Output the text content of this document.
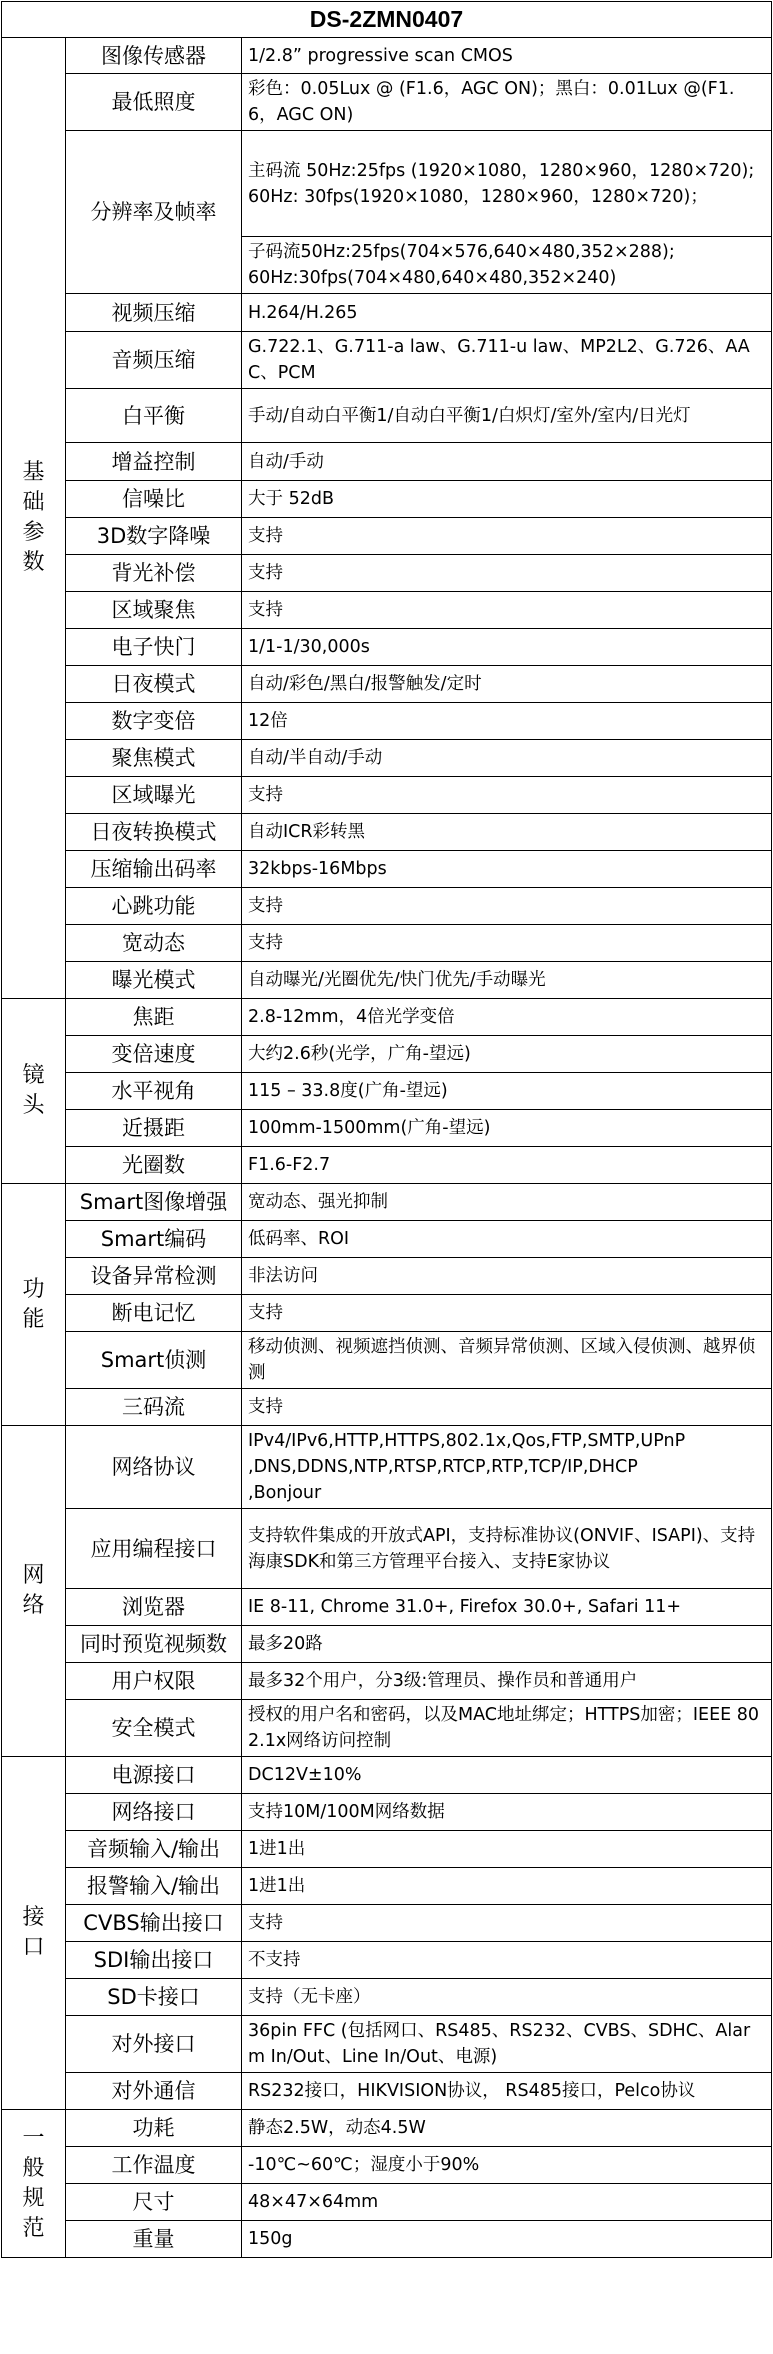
DS-2ZMN0407		
基础参数	图像传感器	1/2.8” progressive scan CMOS

	最低照度	彩色：0.05Lux @ (F1.6，AGC ON)；黑白：0.01Lux @(F1.6，AGC ON)

	分辨率及帧率	主码流 50Hz:25fps (1920×1080，1280×960，1280×720);60Hz: 30fps(1920×1080，1280×960，1280×720)；

		子码流50Hz:25fps(704×576,640×480,352×288);
60Hz:30fps(704×480,640×480,352×240)

	视频压缩	H.264/H.265

	音频压缩	G.722.1、G.711-a law、G.711-u law、MP2L2、G.726、AAC、PCM

	白平衡	手动/自动白平衡1/自动白平衡1/白炽灯/室外/室内/日光灯

	增益控制	自动/手动

	信噪比	大于 52dB

	3D数字降噪	支持

	背光补偿	支持

	区域聚焦	支持

	电子快门	1/1-1/30,000s

	日夜模式	自动/彩色/黑白/报警触发/定时

	数字变倍	12倍

	聚焦模式	自动/半自动/手动

	区域曝光	支持

	日夜转换模式	自动ICR彩转黑

	压缩输出码率	32kbps-16Mbps

	心跳功能	支持

	宽动态	支持

	曝光模式	自动曝光/光圈优先/快门优先/手动曝光

镜头	焦距	2.8-12mm，4倍光学变倍

	变倍速度	大约2.6秒(光学，广角-望远)

	水平视角	115 – 33.8度(广角-望远)

	近摄距	100mm-1500mm(广角-望远)

	光圈数	F1.6-F2.7

功能	Smart图像增强	宽动态、强光抑制

	Smart编码	低码率、ROI

	设备异常检测	非法访问

	断电记忆	支持

	Smart侦测	移动侦测、视频遮挡侦测、音频异常侦测、区域入侵侦测、越界侦测

	三码流	支持

网络	网络协议	IPv4/IPv6,HTTP,HTTPS,802.1x,Qos,FTP,SMTP,UPnP
,DNS,DDNS,NTP,RTSP,RTCP,RTP,TCP/IP,DHCP
,Bonjour

	应用编程接口	支持软件集成的开放式API，支持标准协议(ONVIF、ISAPI)、支持海康SDK和第三方管理平台接入、支持E家协议

	浏览器	IE 8-11, Chrome 31.0+, Firefox 30.0+, Safari 11+

	同时预览视频数	最多20路

	用户权限	最多32个用户，分3级:管理员、操作员和普通用户

	安全模式	授权的用户名和密码，以及MAC地址绑定；HTTPS加密；IEEE 802.1x网络访问控制

接口	电源接口	DC12V±10%

	网络接口	支持10M/100M网络数据

	音频输入/输出	1进1出

	报警输入/输出	1进1出

	CVBS输出接口	支持

	SDI输出接口	不支持

	SD卡接口	支持（无卡座）

	对外接口	36pin FFC (包括网口、RS485、RS232、CVBS、SDHC、Alarm In/Out、Line In/Out、电源)

	对外通信	RS232接口，HIKVISION协议， RS485接口，Pelco协议

一般规范	功耗	静态2.5W，动态4.5W

	工作温度	-10℃~60℃；湿度小于90%

	尺寸	48×47×64mm

	重量	150g
